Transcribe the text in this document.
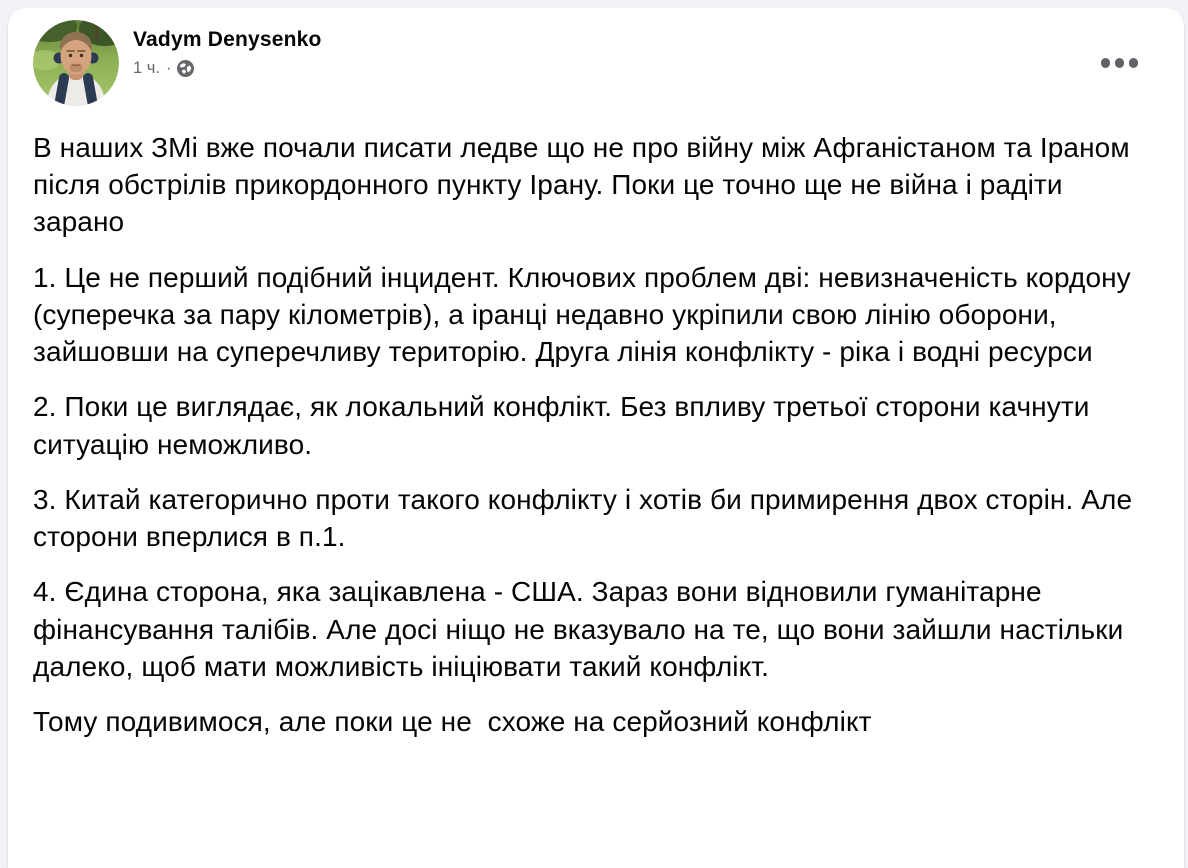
Vadym Denysenko
1 ч. ·

В наших ЗМі вже почали писати ледве що не про війну між Афганістаном та Іраном після обстрілів прикордонного пункту Ірану. Поки це точно ще не війна і радіти зарано

1. Це не перший подібний інцидент. Ключових проблем дві: невизначеність кордону (суперечка за пару кілометрів), а іранці недавно укріпили свою лінію оборони, зайшовши на суперечливу територію. Друга лінія конфлікту - ріка і водні ресурси

2. Поки це виглядає, як локальний конфлікт. Без впливу третьої сторони качнути ситуацію неможливо.

3. Китай категорично проти такого конфлікту і хотів би примирення двох сторін. Але сторони вперлися в п.1.

4. Єдина сторона, яка зацікавлена - США. Зараз вони відновили гуманітарне фінансування талібів. Але досі ніщо не вказувало на те, що вони зайшли настільки далеко, щоб мати можливість ініціювати такий конфлікт.

Тому подивимося, але поки це не  схоже на серйозний конфлікт
